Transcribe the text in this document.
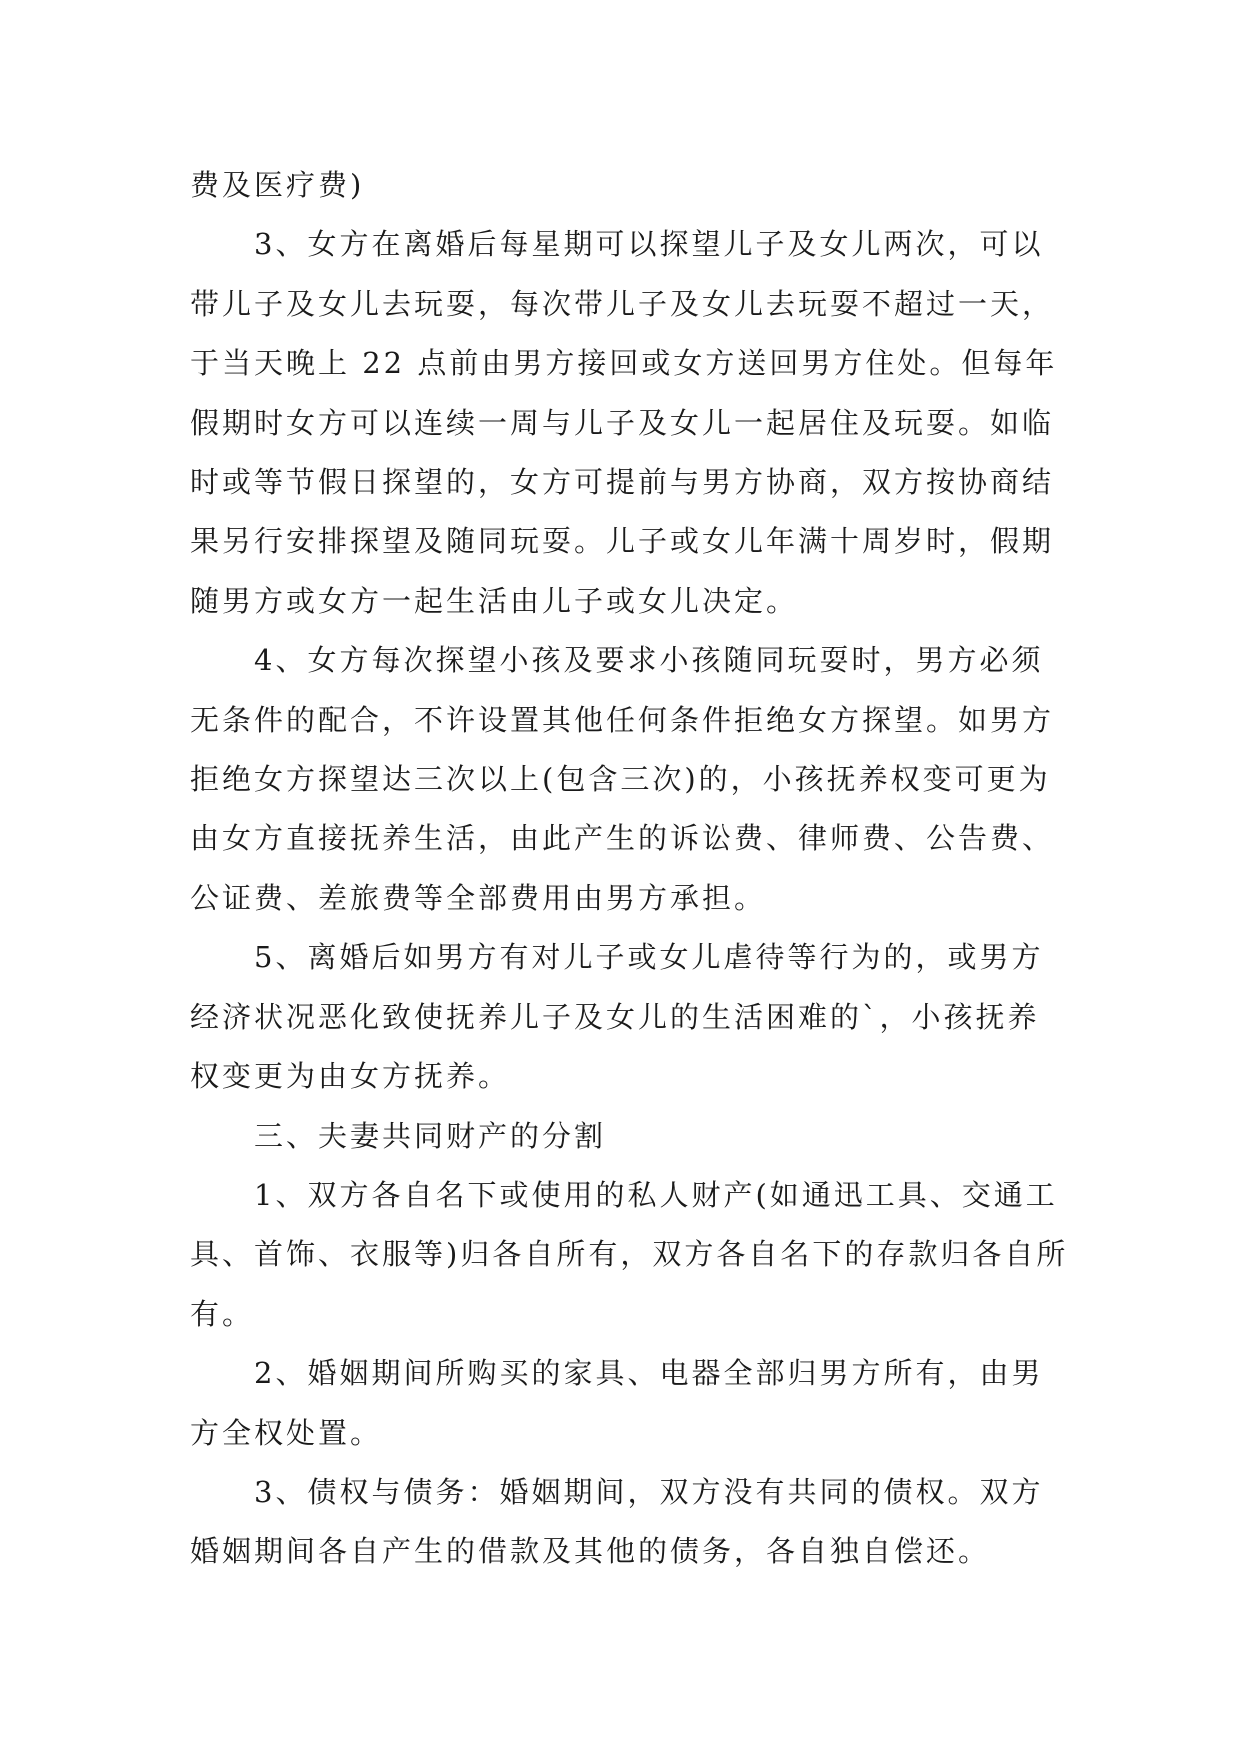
费及医疗费)

　　3、女方在离婚后每星期可以探望儿子及女儿两次，可以带儿子及女儿去玩耍，每次带儿子及女儿去玩耍不超过一天，于当天晚上 22 点前由男方接回或女方送回男方住处。但每年假期时女方可以连续一周与儿子及女儿一起居住及玩耍。如临时或等节假日探望的，女方可提前与男方协商，双方按协商结果另行安排探望及随同玩耍。儿子或女儿年满十周岁时，假期随男方或女方一起生活由儿子或女儿决定。

　　4、女方每次探望小孩及要求小孩随同玩耍时，男方必须无条件的配合，不许设置其他任何条件拒绝女方探望。如男方拒绝女方探望达三次以上(包含三次)的，小孩抚养权变可更为由女方直接抚养生活，由此产生的诉讼费、律师费、公告费、公证费、差旅费等全部费用由男方承担。

　　5、离婚后如男方有对儿子或女儿虐待等行为的，或男方经济状况恶化致使抚养儿子及女儿的生活困难的`，小孩抚养权变更为由女方抚养。

　　三、夫妻共同财产的分割

　　1、双方各自名下或使用的私人财产(如通迅工具、交通工具、首饰、衣服等)归各自所有，双方各自名下的存款归各自所有。

　　2、婚姻期间所购买的家具、电器全部归男方所有，由男方全权处置。

　　3、债权与债务：婚姻期间，双方没有共同的债权。双方婚姻期间各自产生的借款及其他的债务，各自独自偿还。
